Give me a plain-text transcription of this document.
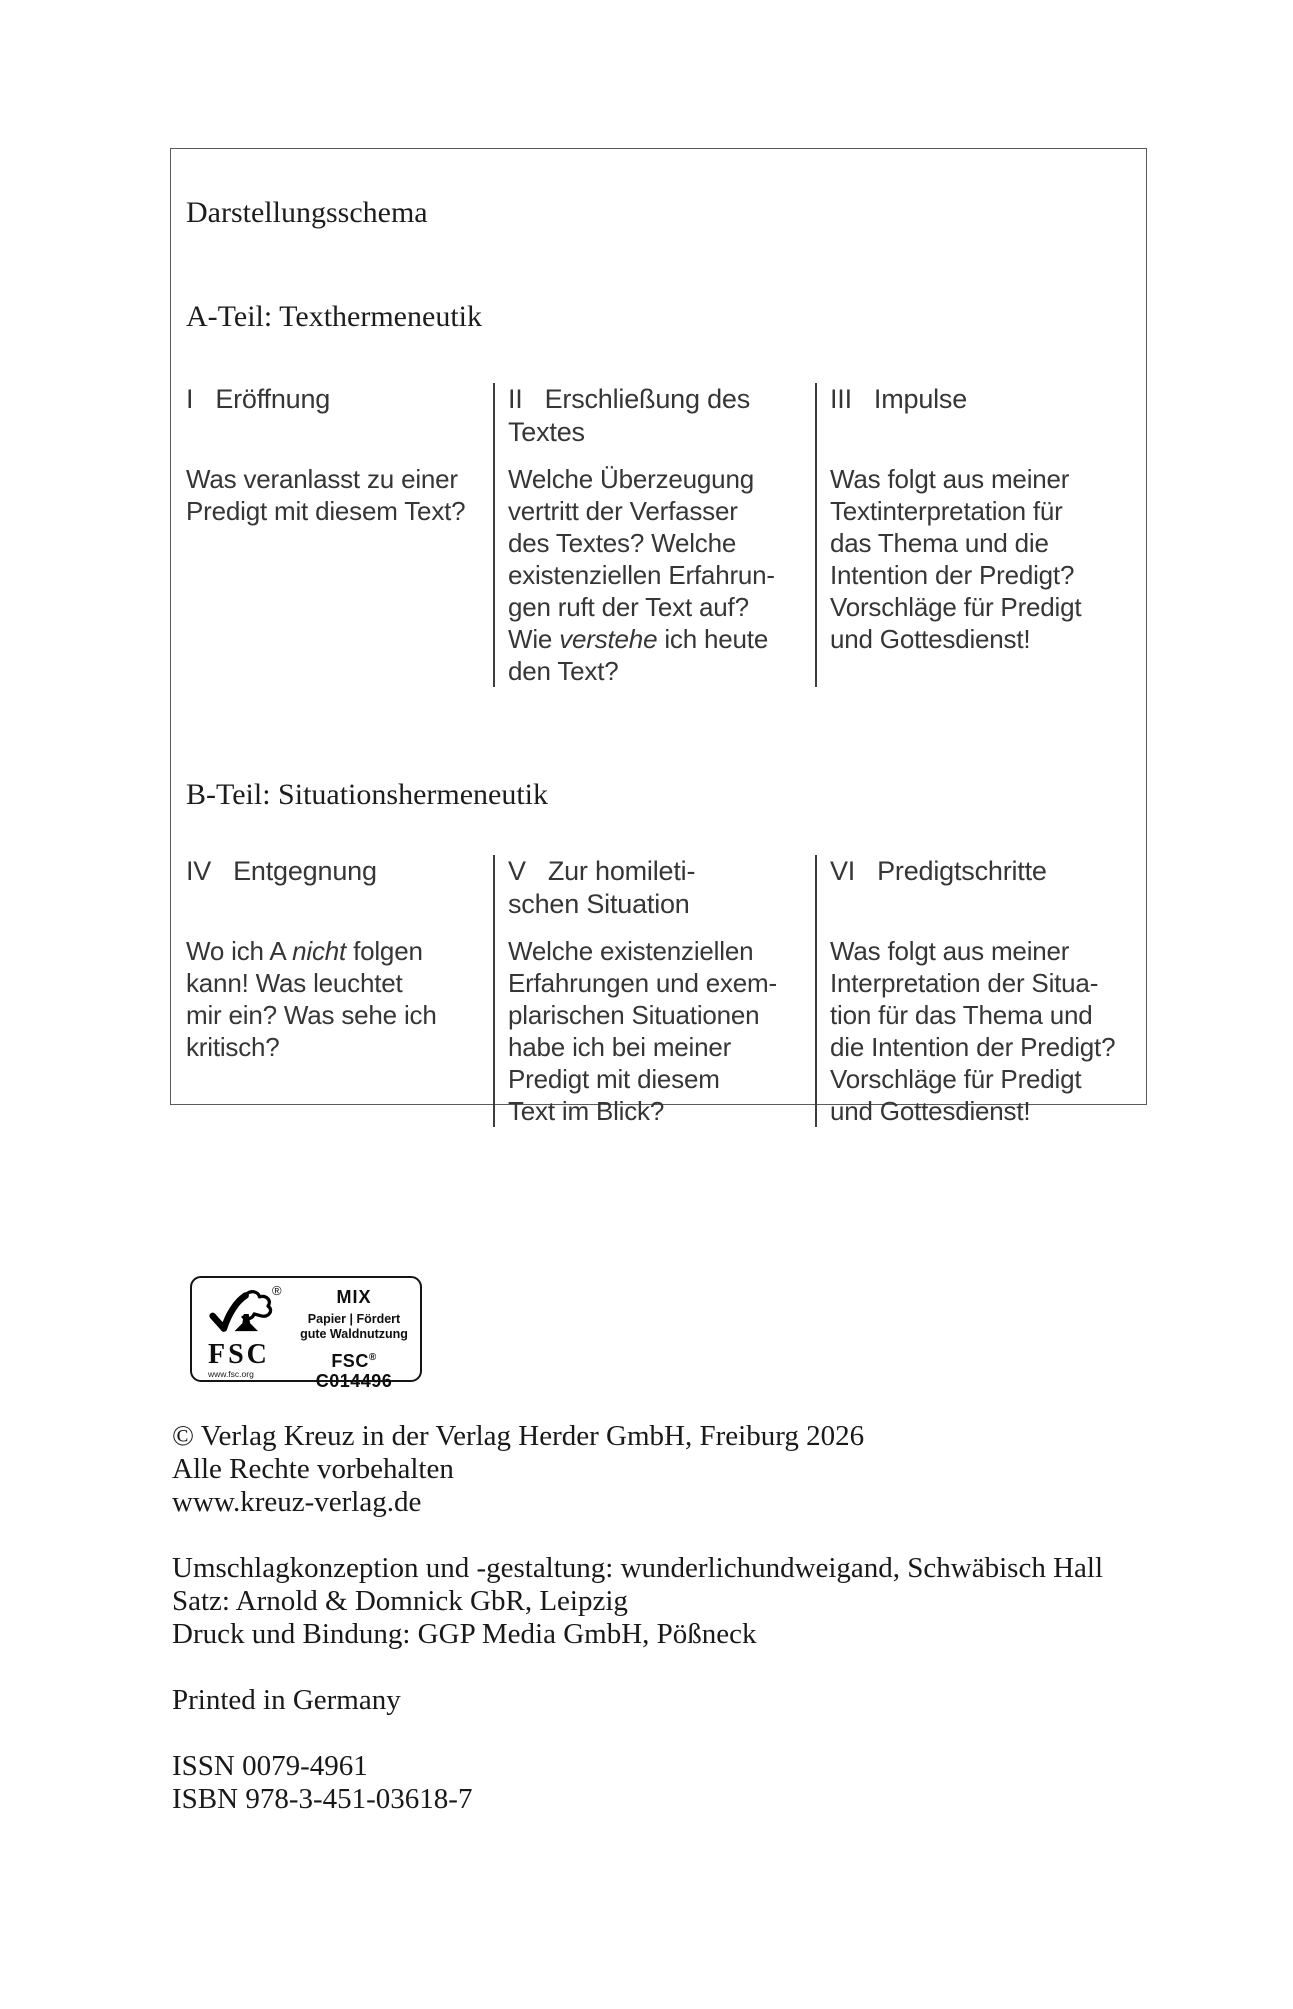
Darstellungsschema
A-Teil: Texthermeneutik
I Eröffnung
Was veranlasst zu einer
Predigt mit diesem Text?
II Erschließung des
Textes
Welche Überzeugung
vertritt der Verfasser
des Textes? Welche
existenziellen Erfahrun-
gen ruft der Text auf?
Wie verstehe ich heute
den Text?
III Impulse
Was folgt aus meiner
Textinterpretation für
das Thema und die
Intention der Predigt?
Vorschläge für Predigt
und Gottesdienst!
B-Teil: Situationshermeneutik
IV Entgegnung
Wo ich A nicht folgen
kann! Was leuchtet
mir ein? Was sehe ich
kritisch?
V Zur homileti-
schen Situation
Welche existenziellen
Erfahrungen und exem-
plarischen Situationen
habe ich bei meiner
Predigt mit diesem
Text im Blick?
VI Predigtschritte
Was folgt aus meiner
Interpretation der Situa-
tion für das Thema und
die Intention der Predigt?
Vorschläge für Predigt
und Gottesdienst!
®
FSC
www.fsc.org
MIX
Papier | Fördert
gute Waldnutzung
FSC® C014496

© Verlag Kreuz in der Verlag Herder GmbH, Freiburg 2026
Alle Rechte vorbehalten
www.kreuz-verlag.de

Umschlagkonzeption und -gestaltung: wunderlichundweigand, Schwäbisch Hall
Satz: Arnold & Domnick GbR, Leipzig
Druck und Bindung: GGP Media GmbH, Pößneck

Printed in Germany

ISSN 0079-4961
ISBN 978-3-451-03618-7
